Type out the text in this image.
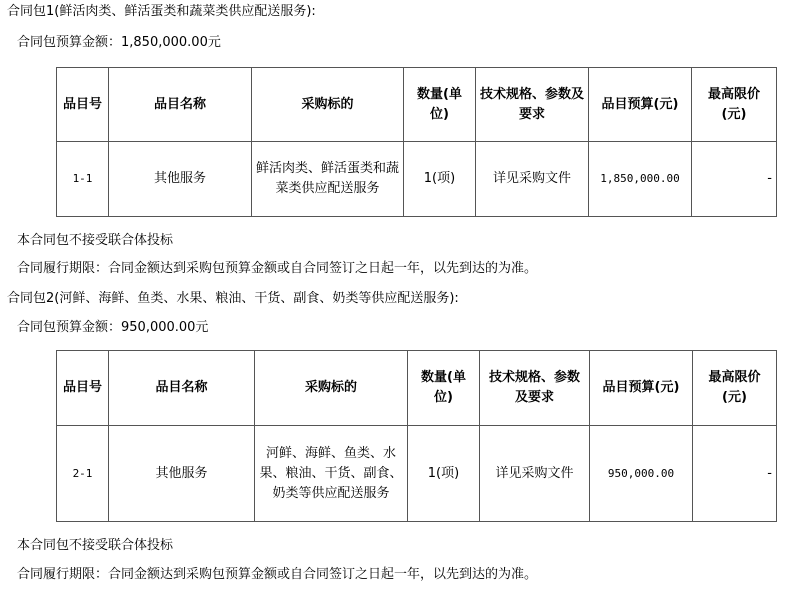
合同包1(鲜活肉类、鲜活蛋类和蔬菜类供应配送服务):
合同包预算金额：1,850,000.00元
品目号	品目名称	采购标的	数量(单位)	技术规格、参数及要求	品目预算(元)	最高限价(元)
1-1	其他服务	鲜活肉类、鲜活蛋类和蔬菜类供应配送服务	1(项)	详见采购文件	1,850,000.00	-
本合同包不接受联合体投标
合同履行期限：合同金额达到采购包预算金额或自合同签订之日起一年，以先到达的为准。
合同包2(河鲜、海鲜、鱼类、水果、粮油、干货、副食、奶类等供应配送服务):
合同包预算金额：950,000.00元
品目号	品目名称	采购标的	数量(单位)	技术规格、参数及要求	品目预算(元)	最高限价(元)
2-1	其他服务	河鲜、海鲜、鱼类、水果、粮油、干货、副食、奶类等供应配送服务	1(项)	详见采购文件	950,000.00	-
本合同包不接受联合体投标
合同履行期限：合同金额达到采购包预算金额或自合同签订之日起一年，以先到达的为准。
